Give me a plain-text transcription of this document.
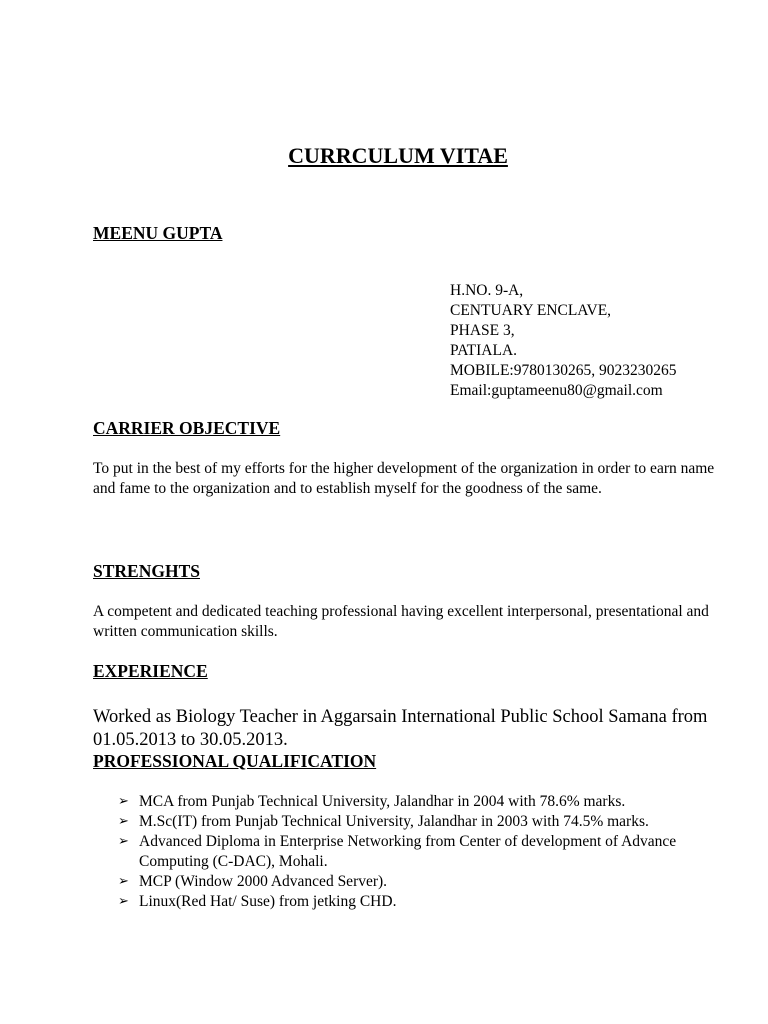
CURRCULUM VITAE
MEENU GUPTA
H.NO. 9-A,
CENTUARY ENCLAVE,
PHASE 3,
PATIALA.
MOBILE:9780130265, 9023230265
Email:guptameenu80@gmail.com
CARRIER OBJECTIVE
To put in the best of my efforts for the higher development of the organization in order to earn name and fame to the organization and to establish myself for the goodness of the same.
STRENGHTS
A competent and dedicated teaching professional having excellent interpersonal, presentational and written communication skills.
EXPERIENCE
Worked as Biology Teacher in Aggarsain International Public School Samana from 01.05.2013 to 30.05.2013.
PROFESSIONAL QUALIFICATION
➢ MCA from Punjab Technical University, Jalandhar in 2004 with 78.6% marks.
➢ M.Sc(IT) from Punjab Technical University, Jalandhar in 2003 with 74.5% marks.
➢ Advanced Diploma in Enterprise Networking from Center of development of Advance Computing (C-DAC), Mohali.
➢ MCP (Window 2000 Advanced Server).
➢ Linux(Red Hat/ Suse) from jetking CHD.
